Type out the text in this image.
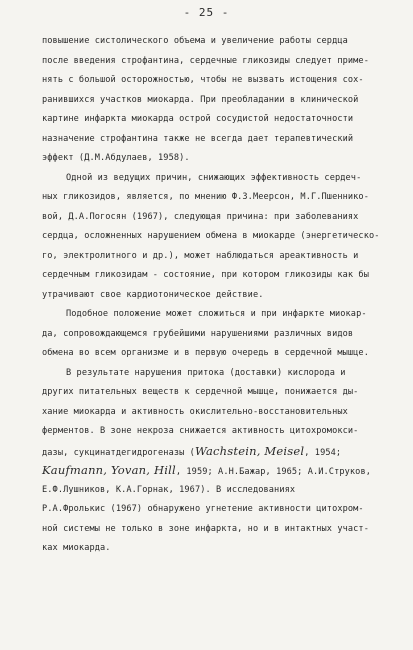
- 25 -
повышение систолического объема и увеличение работы сердца
после введения строфантина, сердечные гликозиды следует приме-
нять с большой осторожностью, чтобы не вызвать истощения сох-
ранившихся участков миокарда. При преобладании в клинической
картине инфаркта миокарда острой сосудистой недостаточности
назначение строфантина также не всегда дает терапевтический
эффект (Д.М.Абдулаев, 1958).
Одной из ведущих причин, снижающих эффективность сердеч-
ных гликозидов, является, по мнению Ф.З.Меерсон, М.Г.Пшенникo-
вой, Д.А.Погосян (1967), следующая причина: при заболеваниях
сердца, осложненных нарушением обмена в миокарде (энергетическо-
го, электролитного и др.), может наблюдаться ареактивность и
сердечным гликозидам - состояние, при котором гликозиды как бы
утрачивают свое кардиотоническое действие.
Подобное положение может сложиться и при инфаркте миокар-
да, сопровождающемся грубейшими нарушениями различных видов
обмена во всем организме и в первую очередь в сердечной мышце.
В результате нарушения притока (доставки) кислорода и
других питательных веществ к сердечной мышце, понижается ды-
хание миокарда и активность окислительно-восстановительных
ферментов. В зоне некроза снижается активность цитохромокси-
дазы, сукцинатдегидрогеназы (Wachstein, Meisel, 1954;
Kaufmann, Yovan, Hill, 1959; А.Н.Бажар, 1965; А.И.Струков,
Е.Ф.Лушников, К.А.Горнак, 1967). В исследованиях
Р.А.Фролькис (1967) обнаружено угнетение активности цитохром-
ной системы не только в зоне инфаркта, но и в интактных участ-
ках миокарда.
